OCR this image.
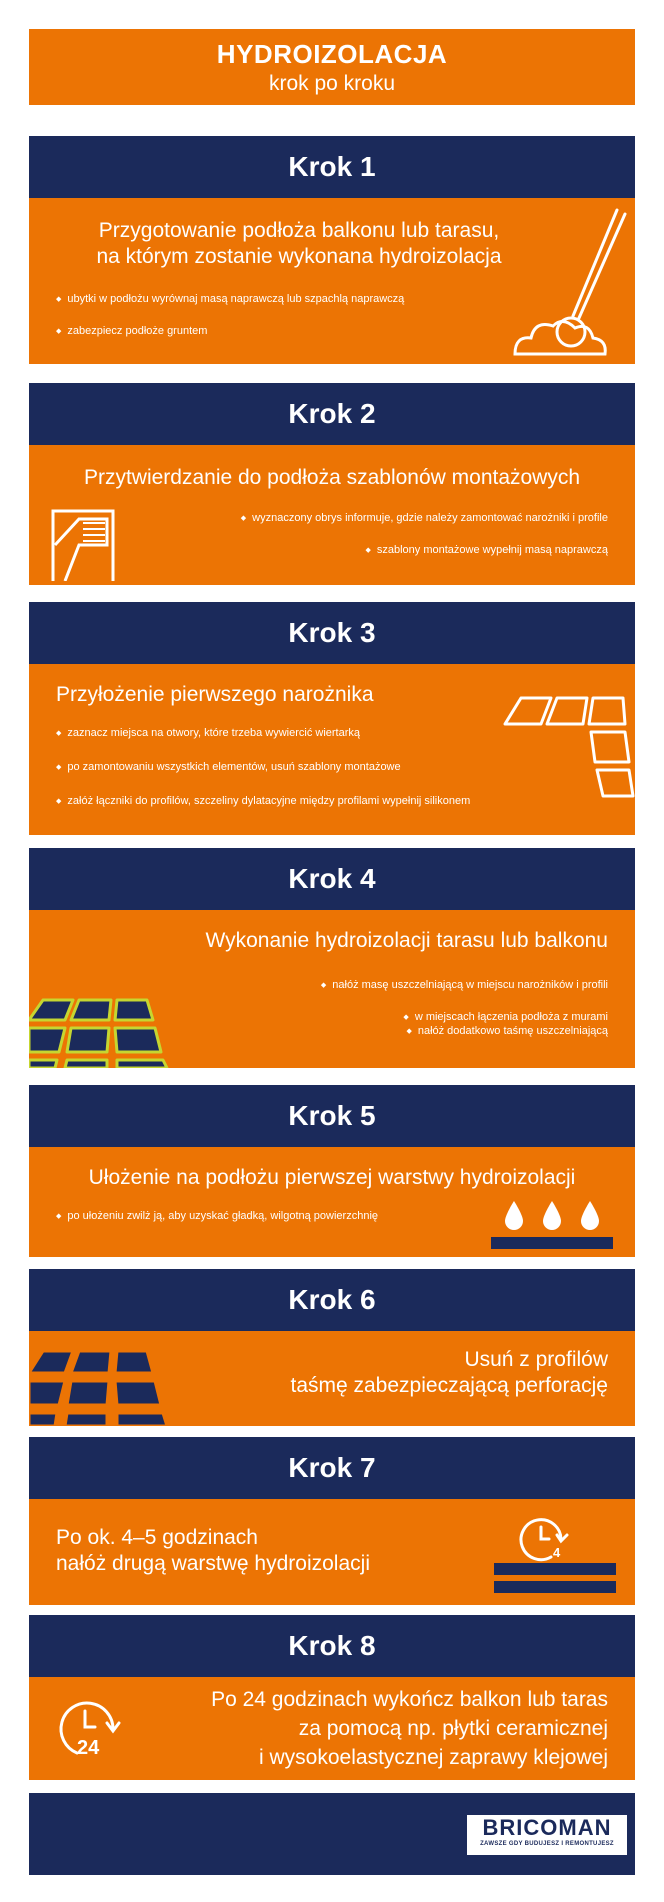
HYDROIZOLACJA
krok po kroku
Krok 1
Przygotowanie podłoża balkonu lub tarasu,
na którym zostanie wykonana hydroizolacja
◆ ubytki w podłożu wyrównaj masą naprawczą lub szpachlą naprawczą
◆ zabezpiecz podłoże gruntem
Krok 2
Przytwierdzanie do podłoża szablonów montażowych
◆ wyznaczony obrys informuje, gdzie należy zamontować narożniki i profile
◆ szablony montażowe wypełnij masą naprawczą
Krok 3
Przyłożenie pierwszego narożnika
◆ zaznacz miejsca na otwory, które trzeba wywiercić wiertarką
◆ po zamontowaniu wszystkich elementów, usuń szablony montażowe
◆ załóż łączniki do profilów, szczeliny dylatacyjne między profilami wypełnij silikonem
Krok 4
Wykonanie hydroizolacji tarasu lub balkonu
◆ nałóż masę uszczelniającą w miejscu narożników i profili
◆ w miejscach łączenia podłoża z murami
◆ nałóż dodatkowo taśmę uszczelniającą
Krok 5
Ułożenie na podłożu pierwszej warstwy hydroizolacji
◆ po ułożeniu zwilż ją, aby uzyskać gładką, wilgotną powierzchnię
Krok 6
Usuń z profilów
taśmę zabezpieczającą perforację
Krok 7
Po ok. 4–5 godzinach
nałóż drugą warstwę hydroizolacji	4
Krok 8
Po 24 godzinach wykończ balkon lub taras
za pomocą np. płytki ceramicznej
i wysokoelastycznej zaprawy klejowej
24
BRICOMAN
ZAWSZE GDY BUDUJESZ I REMONTUJESZ
